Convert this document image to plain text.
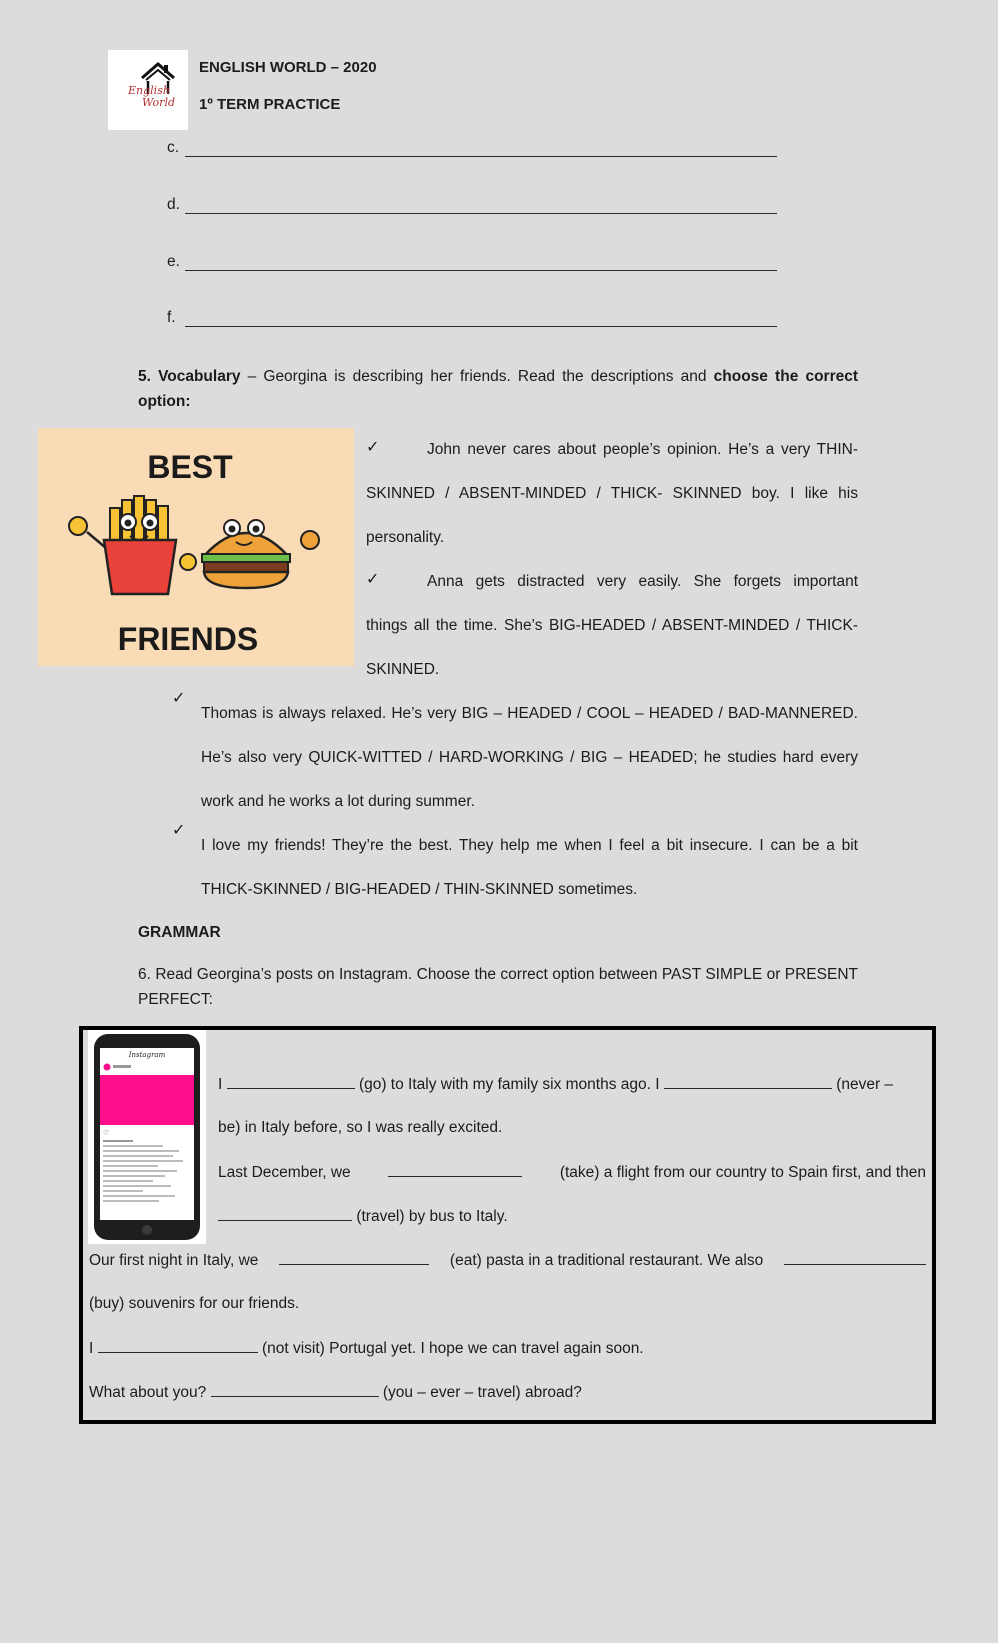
English
World
ENGLISH WORLD – 2020
1º TERM PRACTICE
c.
d.
e.
f.
5. Vocabulary – Georgina is describing her friends. Read the descriptions and choose the correct
option:
BEST
FRIENDS
✓	John never cares about people’s opinion. He’s a very THIN-
SKINNED / ABSENT-MINDED / THICK- SKINNED boy. I like his
personality.
✓	Anna gets distracted very easily. She forgets important
things all the time. She’s BIG-HEADED / ABSENT-MINDED / THICK-
SKINNED.
✓
Thomas is always relaxed. He’s very BIG – HEADED / COOL – HEADED / BAD-MANNERED.
He’s also very QUICK-WITTED / HARD-WORKING / BIG – HEADED; he studies hard every
work and he works a lot during summer.
✓
I love my friends! They’re the best. They help me when I feel a bit insecure. I can be a bit
THICK-SKINNED / BIG-HEADED / THIN-SKINNED sometimes.
GRAMMAR
6. Read Georgina’s posts on Instagram. Choose the correct option between PAST SIMPLE or PRESENT
PERFECT:
Instagram
♡
I	(go) to Italy with my family six months ago. I	(never –
be) in Italy before, so I was really excited.
Last December, we	(take) a flight from our country to Spain first, and then
(travel) by bus to Italy.
Our first night in Italy, we	(eat) pasta in a traditional restaurant. We also
(buy) souvenirs for our friends.
I	(not visit) Portugal yet. I hope we can travel again soon.
What about you?	(you – ever – travel) abroad?
